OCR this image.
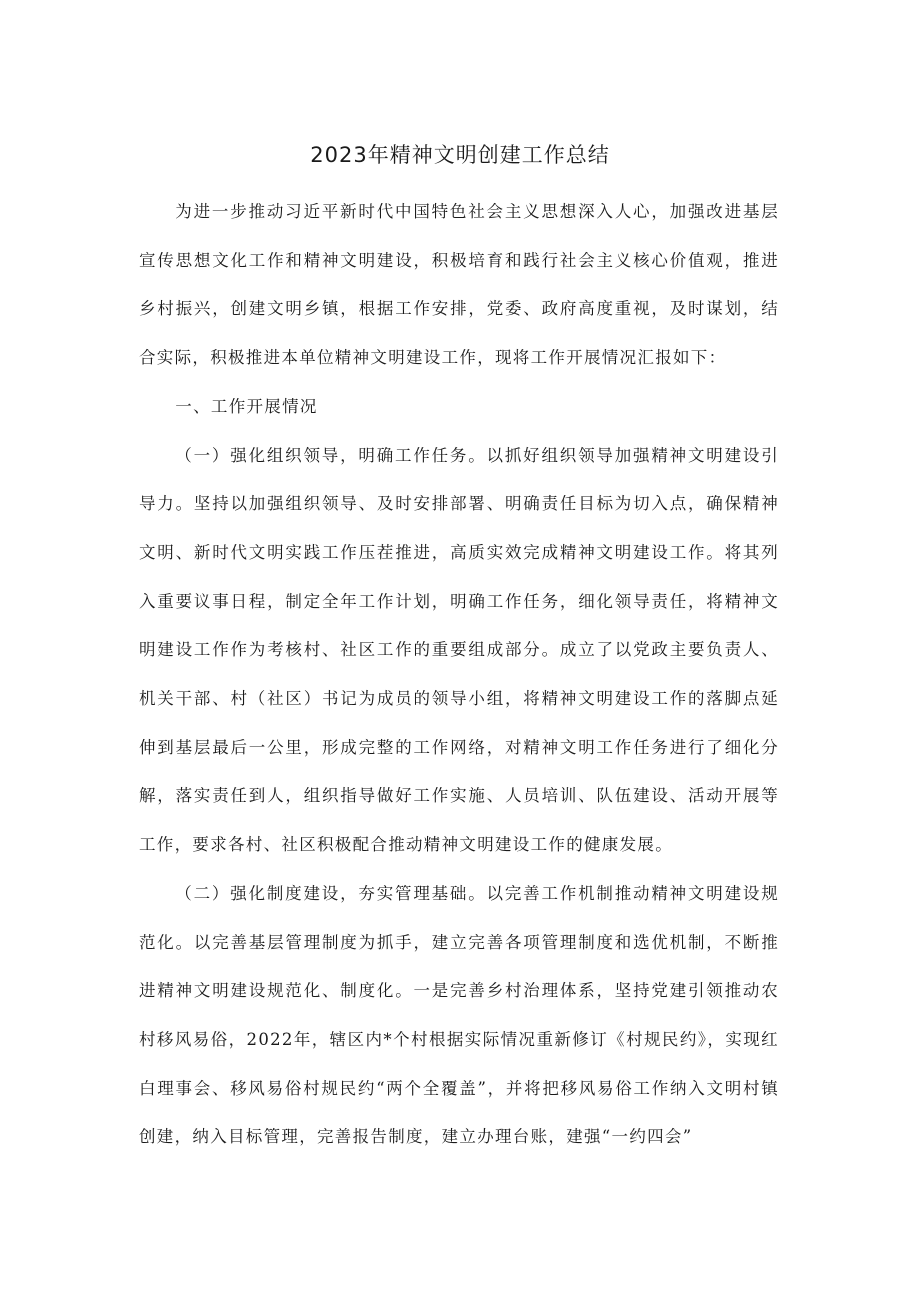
2023年精神文明创建工作总结

为进一步推动习近平新时代中国特色社会主义思想深入人心，加强改进基层宣传思想文化工作和精神文明建设，积极培育和践行社会主义核心价值观，推进乡村振兴，创建文明乡镇，根据工作安排，党委、政府高度重视，及时谋划，结合实际，积极推进本单位精神文明建设工作，现将工作开展情况汇报如下：

一、工作开展情况

（一）强化组织领导，明确工作任务。以抓好组织领导加强精神文明建设引导力。坚持以加强组织领导、及时安排部署、明确责任目标为切入点，确保精神文明、新时代文明实践工作压茬推进，高质实效完成精神文明建设工作。将其列入重要议事日程，制定全年工作计划，明确工作任务，细化领导责任，将精神文明建设工作作为考核村、社区工作的重要组成部分。成立了以党政主要负责人、机关干部、村（社区）书记为成员的领导小组，将精神文明建设工作的落脚点延伸到基层最后一公里，形成完整的工作网络，对精神文明工作任务进行了细化分解，落实责任到人，组织指导做好工作实施、人员培训、队伍建设、活动开展等工作，要求各村、社区积极配合推动精神文明建设工作的健康发展。

（二）强化制度建设，夯实管理基础。以完善工作机制推动精神文明建设规范化。以完善基层管理制度为抓手，建立完善各项管理制度和选优机制，不断推进精神文明建设规范化、制度化。一是完善乡村治理体系，坚持党建引领推动农村移风易俗，2022年，辖区内*个村根据实际情况重新修订《村规民约》，实现红白理事会、移风易俗村规民约“两个全覆盖”，并将把移风易俗工作纳入文明村镇创建，纳入目标管理，完善报告制度，建立办理台账，建强“一约四会”
